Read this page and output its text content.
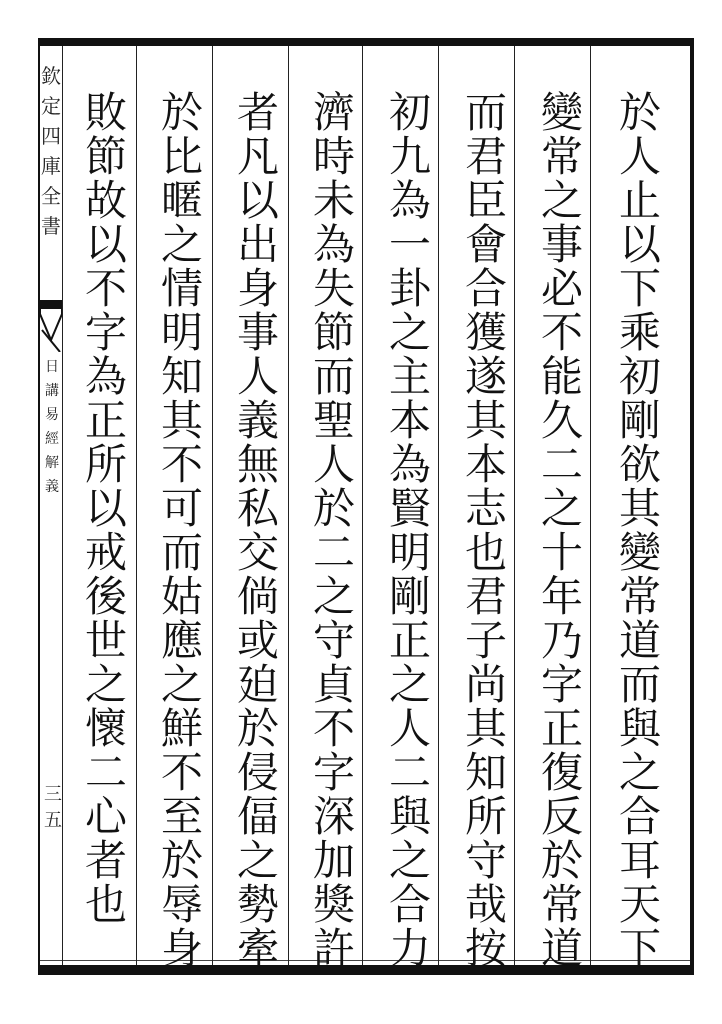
欽
定
四
庫
全
書
日
講
易
經
解
義
三五
於
人
止
以
下
乘
初
剛
欲
其
變
常
道
而
與
之
合
耳
天
下
變
常
之
事
必
不
能
久
二
之
十
年
乃
字
正
復
反
於
常
道
而
君
臣
會
合
獲
遂
其
本
志
也
君
子
尚
其
知
所
守
哉
按
初
九
為
一
卦
之
主
本
為
賢
明
剛
正
之
人
二
與
之
合
力
濟
時
未
為
失
節
而
聖
人
於
二
之
守
貞
不
字
深
加
獎
許
者
凡
以
出
身
事
人
義
無
私
交
倘
或
廹
於
侵
偪
之
勢
牽
於
比
暱
之
情
明
知
其
不
可
而
姑
應
之
鮮
不
至
於
辱
身
敗
節
故
以
不
字
為
正
所
以
戒
後
世
之
懷
二
心
者
也
